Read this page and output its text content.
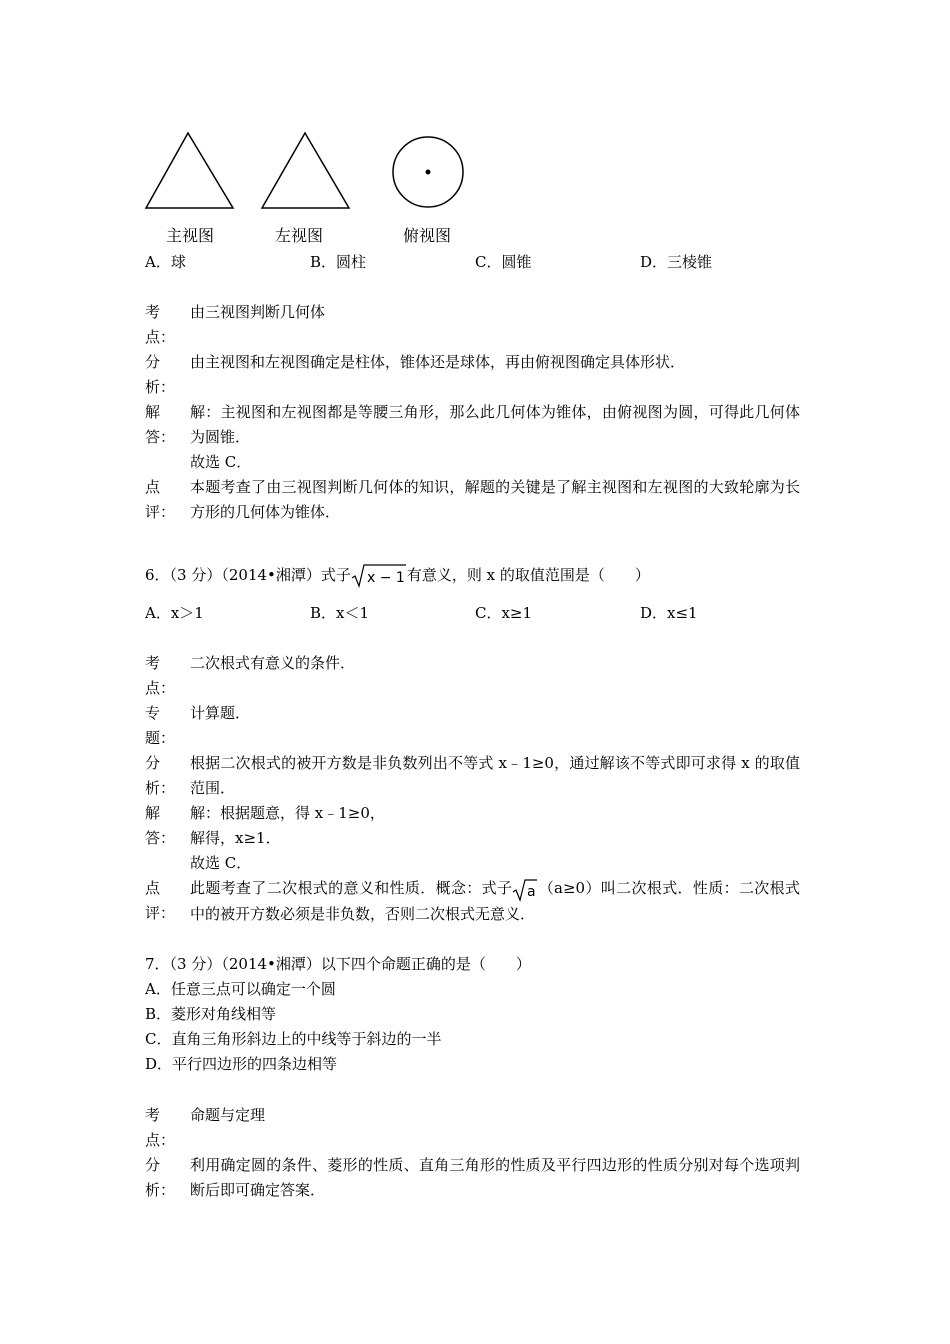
主视图	左视图	俯视图
A．球	B．圆柱	C．圆锥	D．三棱锥
考
点：

由三视图判断几何体

分
析：

由主视图和左视图确定是柱体，锥体还是球体，再由俯视图确定具体形状．

解
答：

解：主视图和左视图都是等腰三角形，那么此几何体为锥体，由俯视图为圆，可得此几何体为圆锥．

故选 C．

点
评：

本题考查了由三视图判断几何体的知识，解题的关键是了解主视图和左视图的大致轮廓为长方形的几何体为锥体．

6．（3 分）（2014•湘潭）式子 x − 1 有意义，则 x 的取值范围是（　　）
A．x＞1	B．x＜1	C．x≥1	D．x≤1
考
点：

二次根式有意义的条件．

专
题：

计算题．

分
析：

根据二次根式的被开方数是非负数列出不等式 x﹣1≥0，通过解该不等式即可求得 x 的取值范围．

解
答：

解：根据题意，得 x﹣1≥0，

解得，x≥1．

故选 C．

点
评：

此题考查了二次根式的意义和性质．概念：式子 a （a≥0）叫二次根式．性质：二次根式中的被开方数必须是非负数，否则二次根式无意义．

7．（3 分）（2014•湘潭）以下四个命题正确的是（　　）
A．任意三点可以确定一个圆
B．菱形对角线相等
C．直角三角形斜边上的中线等于斜边的一半
D．平行四边形的四条边相等
考
点：

命题与定理

分
析：

利用确定圆的条件、菱形的性质、直角三角形的性质及平行四边形的性质分别对每个选项判断后即可确定答案．
